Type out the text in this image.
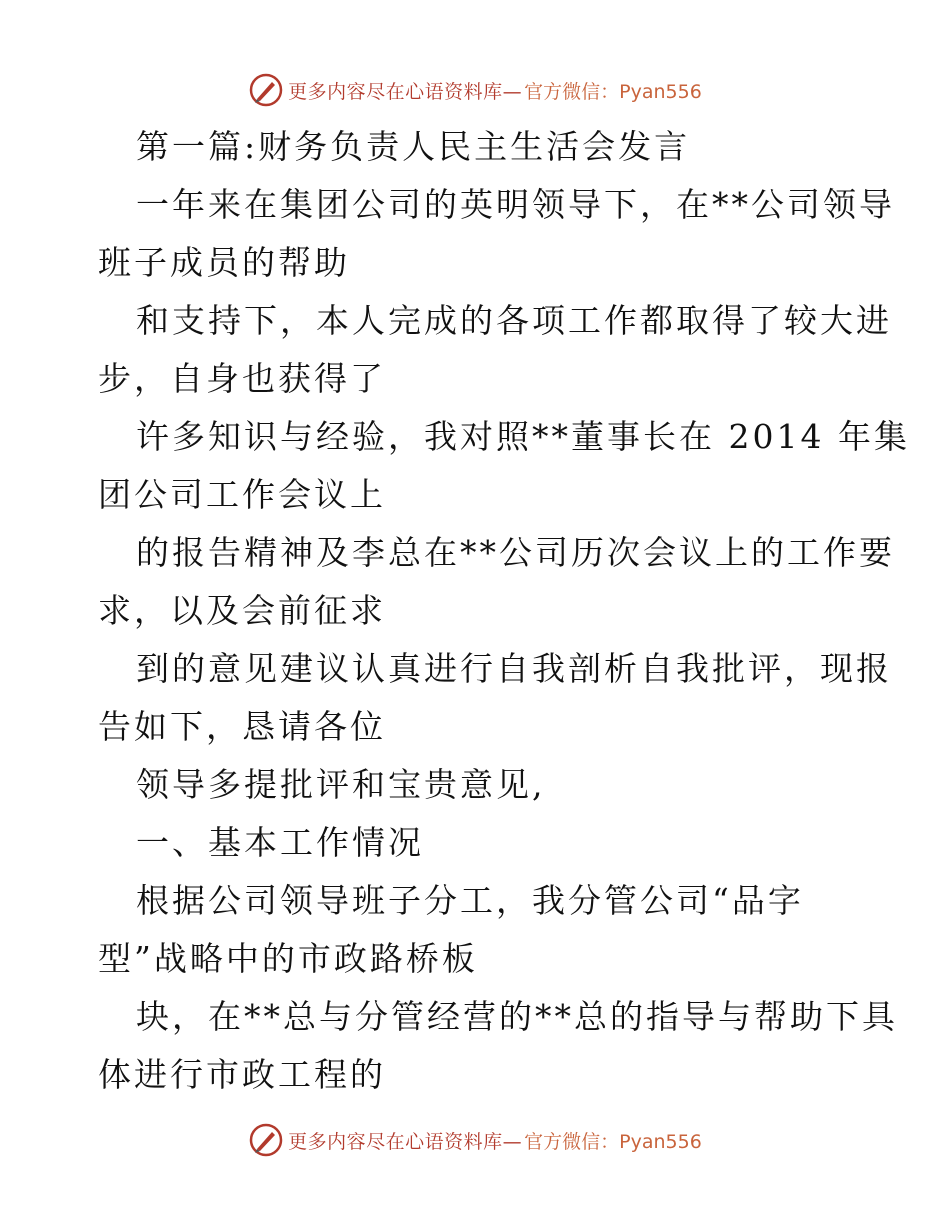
更多内容尽在心语资料库— 官方微信：Pyan556
第一篇:财务负责人民主生活会发言
一年来在集团公司的英明领导下，在**公司领导
班子成员的帮助
和支持下，本人完成的各项工作都取得了较大进
步，自身也获得了
许多知识与经验，我对照**董事长在 2014 年集
团公司工作会议上
的报告精神及李总在**公司历次会议上的工作要
求，以及会前征求
到的意见建议认真进行自我剖析自我批评，现报
告如下，恳请各位
领导多提批评和宝贵意见,
一、基本工作情况
根据公司领导班子分工，我分管公司“品字
型”战略中的市政路桥板
块，在**总与分管经营的**总的指导与帮助下具
体进行市政工程的
更多内容尽在心语资料库— 官方微信：Pyan556
